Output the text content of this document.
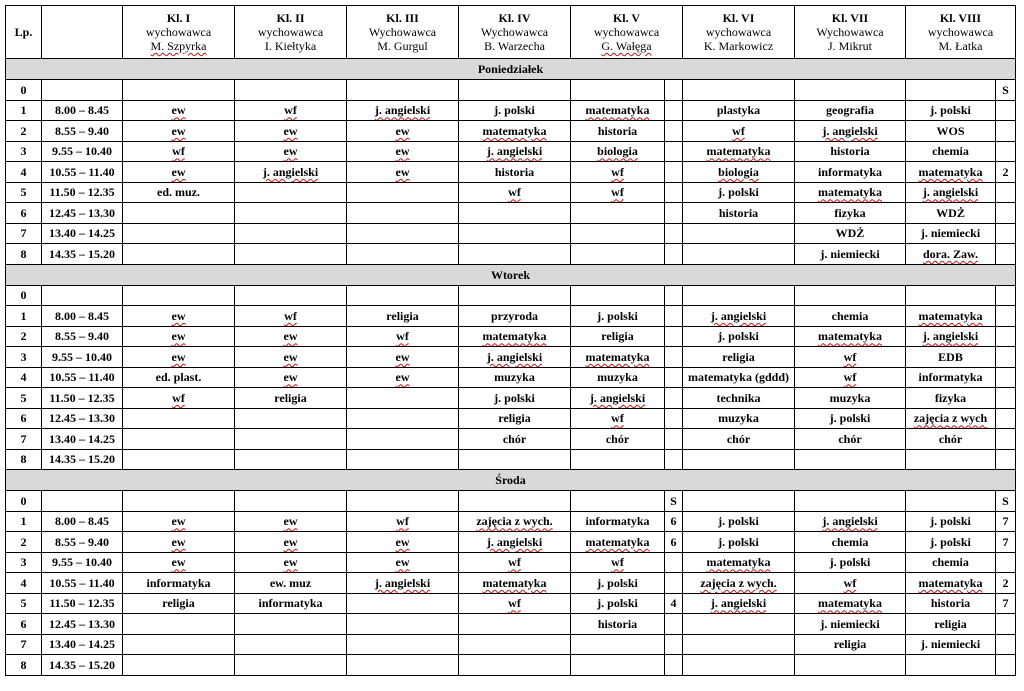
Lp.		Kl. I
wychowawca
M. Szpyrka	Kl. II
wychowawca
I. Kiełtyka	Kl. III
Wychowawca
M. Gurgul	Kl. IV
Wychowawca
B. Warzecha	Kl. V
wychowawca
G. Wałęga		Kl. VI
wychowawca
K. Markowicz	Kl. VII
Wychowawca
J. Mikrut	Kl. VIII
wychowawca
M. Łatka	

Poniedziałek											
0											S
1	8.00 – 8.45	ew	wf	j. angielski	j. polski	matematyka		plastyka	geografia	j. polski	
2	8.55 – 9.40	ew	ew	ew	matematyka	historia		wf	j. angielski	WOS	
3	9.55 – 10.40	wf	ew	ew	j. angielski	biologia		matematyka	historia	chemia	
4	10.55 – 11.40	ew	j. angielski	ew	historia	wf		biologia	informatyka	matematyka	2
5	11.50 – 12.35	ed. muz.			wf	wf		j. polski	matematyka	j. angielski	
6	12.45 – 13.30							historia	fizyka	WDŻ	
7	13.40 – 14.25								WDŻ	j. niemiecki	
8	14.35 – 15.20								j. niemiecki	dora. Zaw.	
Wtorek											
0											
1	8.00 – 8.45	ew	wf	religia	przyroda	j. polski		j. angielski	chemia	matematyka	
2	8.55 – 9.40	ew	ew	wf	matematyka	religia		j. polski	matematyka	j. angielski	
3	9.55 – 10.40	ew	ew	ew	j. angielski	matematyka		religia	wf	EDB	
4	10.55 – 11.40	ed. plast.	ew	ew	muzyka	muzyka		matematyka (gddd)	wf	informatyka	
5	11.50 – 12.35	wf	religia		j. polski	j. angielski		technika	muzyka	fizyka	
6	12.45 – 13.30				religia	wf		muzyka	j. polski	zajęcia z wych	
7	13.40 – 14.25				chór	chór		chór	chór	chór	
8	14.35 – 15.20										
Środa											
0							S				S
1	8.00 – 8.45	ew	ew	wf	zajęcia z wych.	informatyka	6	j. polski	j. angielski	j. polski	7
2	8.55 – 9.40	ew	ew	ew	j. angielski	matematyka	6	j. polski	chemia	j. polski	7
3	9.55 – 10.40	ew	ew	ew	wf	wf		matematyka	j. polski	chemia	
4	10.55 – 11.40	informatyka	ew. muz	j. angielski	matematyka	j. polski		zajęcia z wych.	wf	matematyka	2
5	11.50 – 12.35	religia	informatyka		wf	j. polski	4	j. angielski	matematyka	historia	7
6	12.45 – 13.30					historia			j. niemiecki	religia	
7	13.40 – 14.25								religia	j. niemiecki	
8	14.35 – 15.20										
